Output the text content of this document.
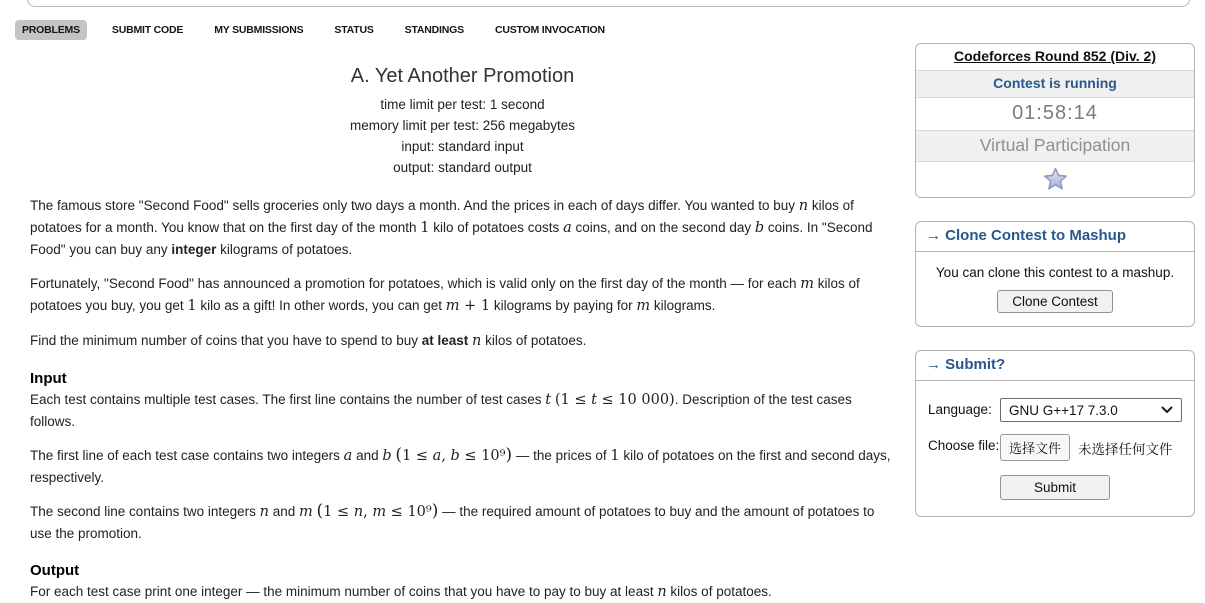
PROBLEMS	SUBMIT CODE	MY SUBMISSIONS	STATUS	STANDINGS	CUSTOM INVOCATION
A. Yet Another Promotion
time limit per test: 1 second
memory limit per test: 256 megabytes
input: standard input
output: standard output

The famous store "Second Food" sells groceries only two days a month. And the prices in each of days differ. You wanted to buy n kilos of potatoes for a month. You know that on the first day of the month 1 kilo of potatoes costs a coins, and on the second day b coins. In "Second Food" you can buy any integer kilograms of potatoes.

Fortunately, "Second Food" has announced a promotion for potatoes, which is valid only on the first day of the month — for each m kilos of potatoes you buy, you get 1 kilo as a gift! In other words, you can get m + 1 kilograms by paying for m kilograms.

Find the minimum number of coins that you have to spend to buy at least n kilos of potatoes.

Input

Each test contains multiple test cases. The first line contains the number of test cases t (1 ≤ t ≤ 10 000). Description of the test cases follows.

The first line of each test case contains two integers a and b (1 ≤ a, b ≤ 10⁹) — the prices of 1 kilo of potatoes on the first and second days, respectively.

The second line contains two integers n and m (1 ≤ n, m ≤ 10⁹) — the required amount of potatoes to buy and the amount of potatoes to use the promotion.

Output

For each test case print one integer — the minimum number of coins that you have to pay to buy at least n kilos of potatoes.

Codeforces Round 852 (Div. 2)
Contest is running
01:58:14
Virtual Participation
→ Clone Contest to Mashup
You can clone this contest to a mashup.
Clone Contest
→ Submit?
Language:	GNU G++17 7.3.0
Choose file: 选择文件	未选择任何文件
Submit
